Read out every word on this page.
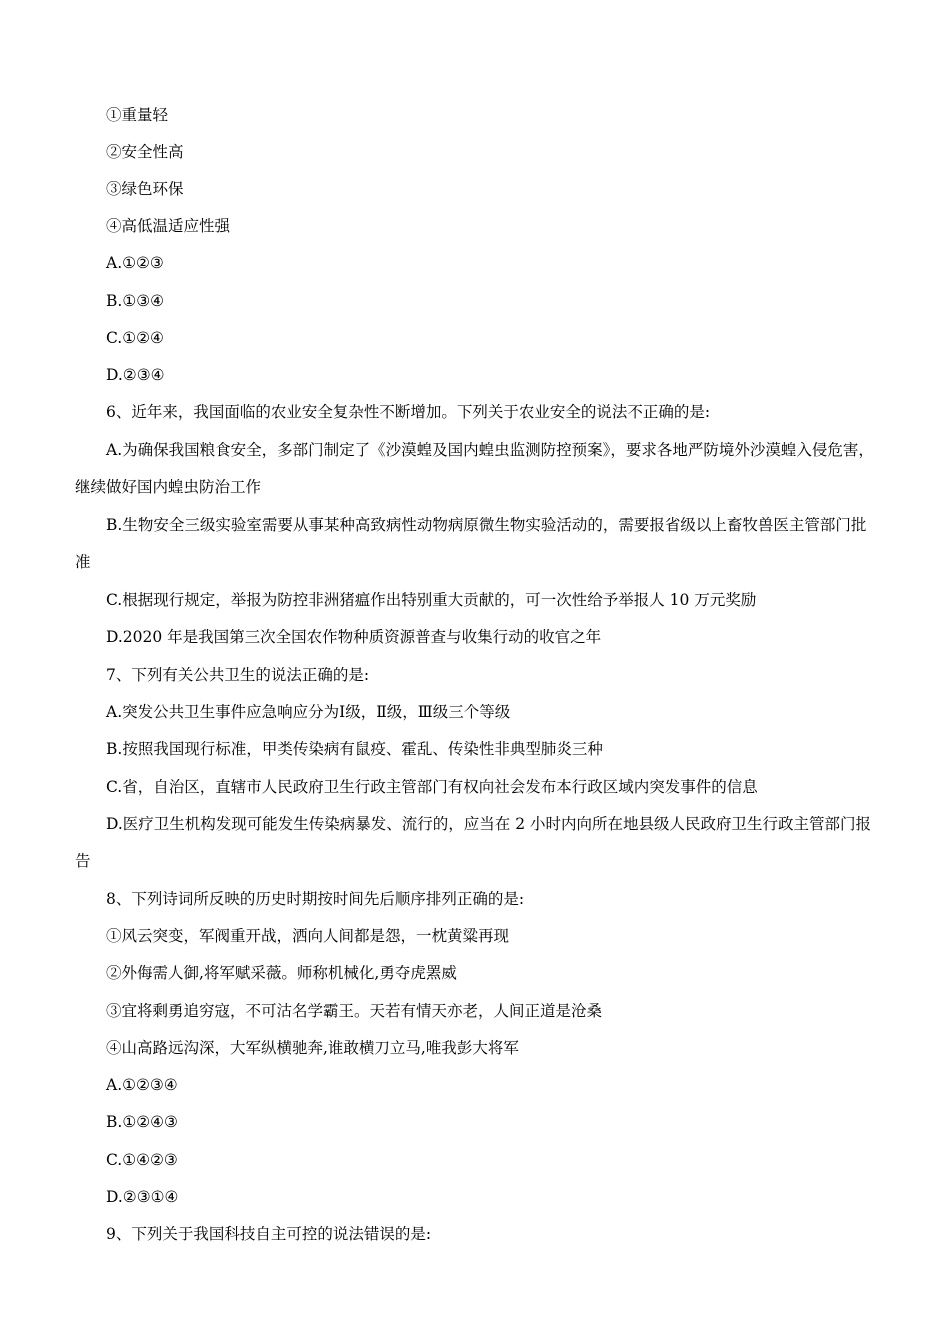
①重量轻
②安全性高
③绿色环保
④高低温适应性强
A.①②③
B.①③④
C.①②④
D.②③④
6、近年来，我国面临的农业安全复杂性不断增加。下列关于农业安全的说法不正确的是:
A.为确保我国粮食安全，多部门制定了《沙漠蝗及国内蝗虫监测防控预案》，要求各地严防境外沙漠蝗入侵危害，继续做好国内蝗虫防治工作
B.生物安全三级实验室需要从事某种高致病性动物病原微生物实验活动的，需要报省级以上畜牧兽医主管部门批准
C.根据现行规定，举报为防控非洲猪瘟作出特别重大贡献的，可一次性给予举报人 10 万元奖励
D.2020 年是我国第三次全国农作物种质资源普查与收集行动的收官之年
7、下列有关公共卫生的说法正确的是:
A.突发公共卫生事件应急响应分为Ⅰ级，Ⅱ级，Ⅲ级三个等级
B.按照我国现行标准，甲类传染病有鼠疫、霍乱、传染性非典型肺炎三种
C.省，自治区，直辖市人民政府卫生行政主管部门有权向社会发布本行政区域内突发事件的信息
D.医疗卫生机构发现可能发生传染病暴发、流行的，应当在 2 小时内向所在地县级人民政府卫生行政主管部门报告
8、下列诗词所反映的历史时期按时间先后顺序排列正确的是:
①风云突变，军阀重开战，洒向人间都是怨，一枕黄粱再现
②外侮需人御,将军赋采薇。师称机械化,勇夺虎罴威
③宜将剩勇追穷寇，不可沽名学霸王。天若有情天亦老，人间正道是沧桑
④山高路远沟深，大军纵横驰奔,谁敢横刀立马,唯我彭大将军
A.①②③④
B.①②④③
C.①④②③
D.②③①④
9、下列关于我国科技自主可控的说法错误的是:
